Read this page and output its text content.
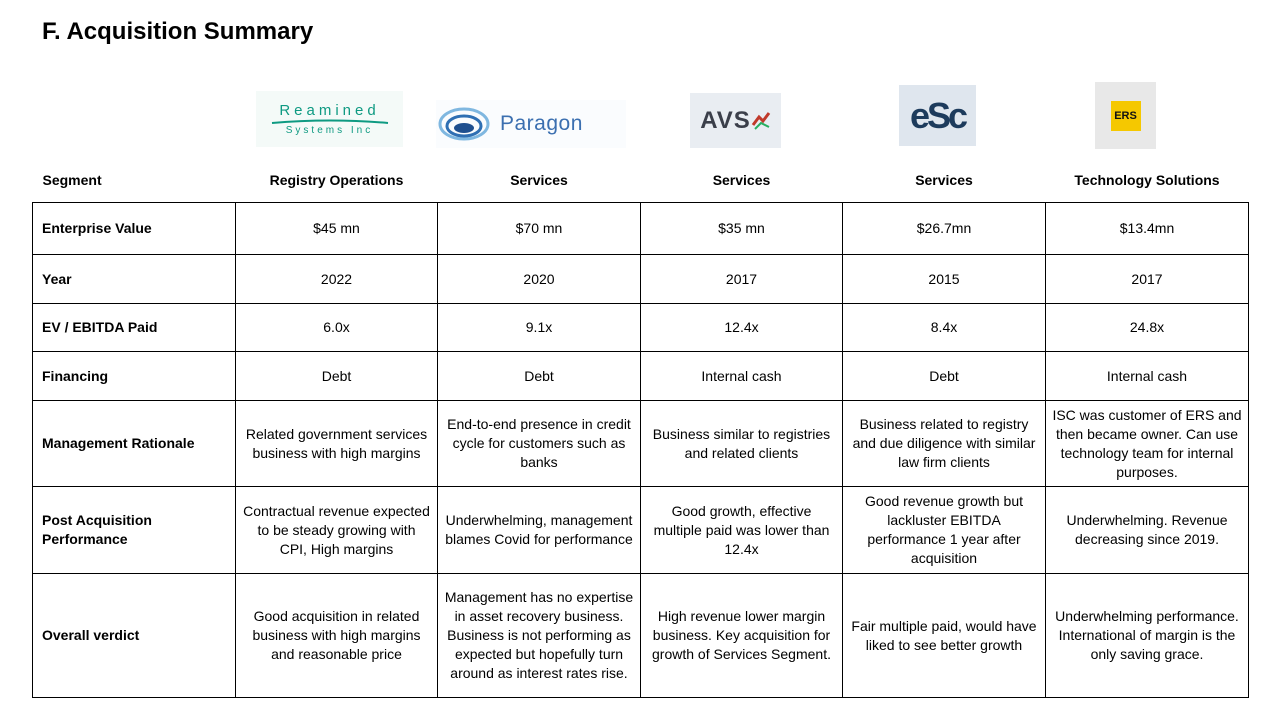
F. Acquisition Summary
Reamined
Systems Inc	Paragon	AVS	eSc	ERS
Segment	Registry Operations	Services	Services	Services	Technology Solutions
Enterprise Value	$45 mn	$70 mn	$35 mn	$26.7mn	$13.4mn
Year	2022	2020	2017	2015	2017
EV / EBITDA Paid	6.0x	9.1x	12.4x	8.4x	24.8x
Financing	Debt	Debt	Internal cash	Debt	Internal cash
Management Rationale	Related government services business with high margins	End-to-end presence in credit cycle for customers such as banks	Business similar to registries and related clients	Business related to registry and due diligence with similar law firm clients	ISC was customer of ERS and then became owner. Can use technology team for internal purposes.
Post Acquisition Performance	Contractual revenue expected to be steady growing with CPI, High margins	Underwhelming, management blames Covid for performance	Good growth, effective multiple paid was lower than 12.4x	Good revenue growth but lackluster EBITDA performance 1 year after acquisition	Underwhelming. Revenue decreasing since 2019.
Overall verdict	Good acquisition in related business with high margins and reasonable price	Management has no expertise in asset recovery business. Business is not performing as expected but hopefully turn around as interest rates rise.	High revenue lower margin business. Key acquisition for growth of Services Segment.	Fair multiple paid, would have liked to see better growth	Underwhelming performance. International of margin is the only saving grace.
